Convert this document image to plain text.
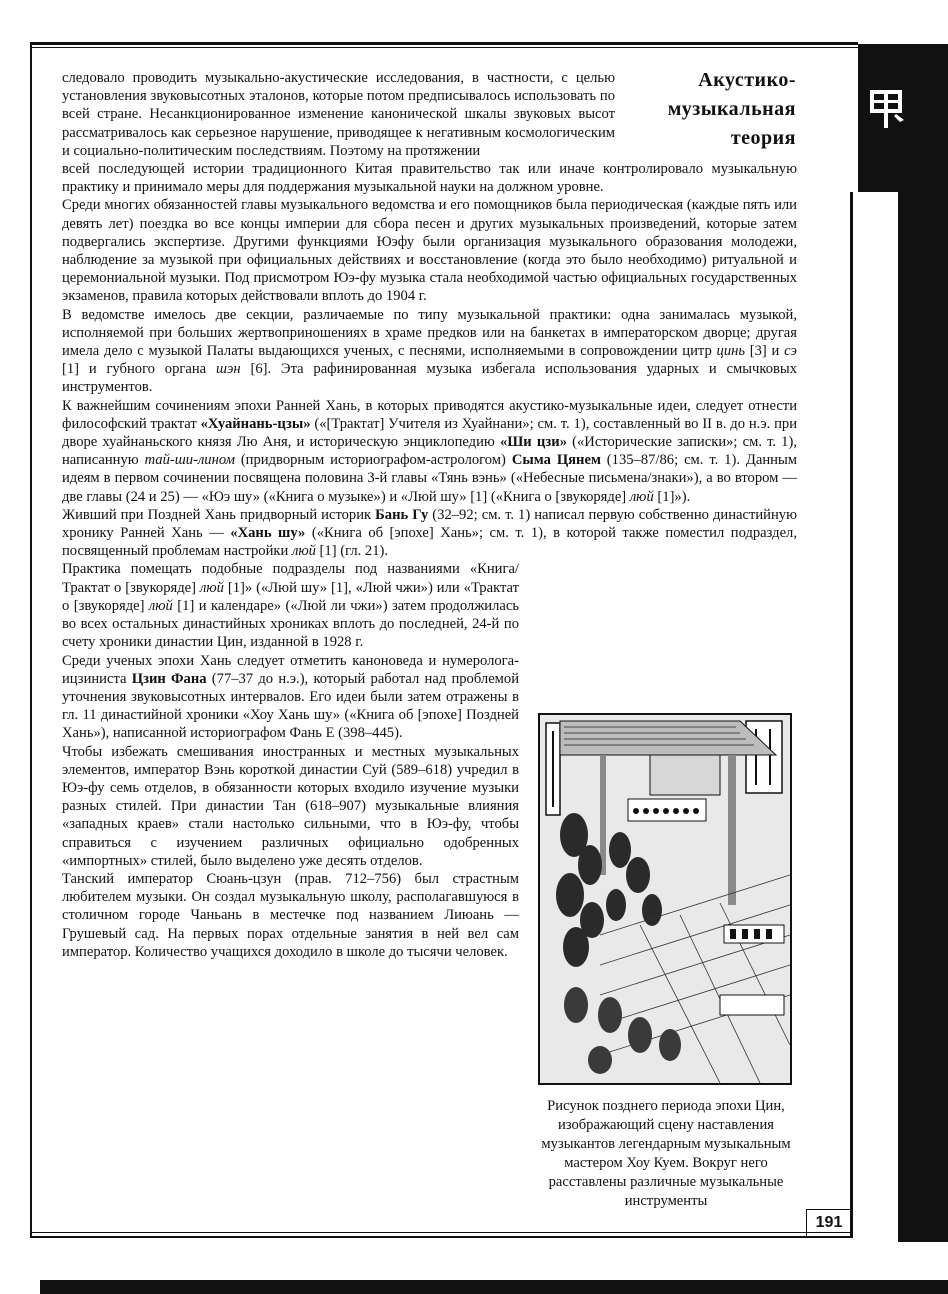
Акустико-
музыкальная
теория

следовало проводить музыкально-акустические исследования, в частности, с целью установления звуковысотных эталонов, которые потом предписывалось использовать по всей стране. Несанкционированное изменение канонической шкалы звуковых высот рассматривалось как серьезное нарушение, приводящее к негативным космологическим и социально-политическим последствиям. Поэтому на протяжении

всей последующей истории традиционного Китая правительство так или иначе контролировало музыкальную практику и принимало меры для поддержания музыкальной науки на должном уровне.

Среди многих обязанностей главы музыкального ведомства и его помощников была периодическая (каждые пять или девять лет) поездка во все концы империи для сбора песен и других музыкальных произведений, которые затем подвергались экспертизе. Другими функциями Юэфу были организация музыкального образования молодежи, наблюдение за музыкой при официальных действиях и восстановление (когда это было необходимо) ритуальной и церемониальной музыки. Под присмотром Юэ-фу музыка стала необходимой частью официальных государственных экзаменов, правила которых действовали вплоть до 1904 г.

В ведомстве имелось две секции, различаемые по типу музыкальной практики: одна занималась музыкой, исполняемой при больших жертвоприношениях в храме предков или на банкетах в императорском дворце; другая имела дело с музыкой Палаты выдающихся ученых, с песнями, исполняемыми в сопровождении цитр цинь [3] и сэ [1] и губного органа шэн [6]. Эта рафинированная музыка избегала использования ударных и смычковых инструментов.

К важнейшим сочинениям эпохи Ранней Хань, в которых приводятся акустико-музыкальные идеи, следует отнести философский трактат «Хуайнань-цзы» («[Трактат] Учителя из Хуайнани»; см. т. 1), составленный во II в. до н.э. при дворе хуайнаньского князя Лю Аня, и историческую энциклопедию «Ши цзи» («Исторические записки»; см. т. 1), написанную тай-ши-лином (придворным историографом-астрологом) Сыма Цянем (135–87/86; см. т. 1). Данным идеям в первом сочинении посвящена половина 3-й главы «Тянь вэнь» («Небесные письмена/знаки»), а во втором — две главы (24 и 25) — «Юэ шу» («Книга о музыке») и «Люй шу» [1] («Книга о [звукоряде] люй [1]»).

Живший при Поздней Хань придворный историк Бань Гу (32–92; см. т. 1) написал первую собственно династийную хронику Ранней Хань — «Хань шу» («Книга об [эпохе] Хань»; см. т. 1), в которой также поместил подраздел, посвященный проблемам настройки люй [1] (гл. 21).

Практика помещать подобные подразделы под названиями «Книга/Трактат о [звукоряде] люй [1]» («Люй шу» [1], «Люй чжи») или «Трактат о [звукоряде] люй [1] и календаре» («Люй ли чжи») затем продолжилась во всех остальных династийных хрониках вплоть до последней, 24-й по счету хроники династии Цин, изданной в 1928 г.

Среди ученых эпохи Хань следует отметить каноноведа и нумеролога-ицзиниста Цзин Фана (77–37 до н.э.), который работал над проблемой уточнения звуковысотных интервалов. Его идеи были затем отражены в гл. 11 династийной хроники «Хоу Хань шу» («Книга об [эпохе] Поздней Хань»), написанной историографом Фань Е (398–445).

Чтобы избежать смешивания иностранных и местных музыкальных элементов, император Вэнь короткой династии Суй (589–618) учредил в Юэ-фу семь отделов, в обязанности которых входило изучение музыки разных стилей. При династии Тан (618–907) музыкальные влияния «западных краев» стали настолько сильными, что в Юэ-фу, чтобы справиться с изучением различных официально одобренных «импортных» стилей, было выделено уже десять отделов.

Танский император Сюань-цзун (прав. 712–756) был страстным любителем музыки. Он создал музыкальную школу, располагавшуюся в столичном городе Чаньань в местечке под названием Лиюань — Грушевый сад. На первых порах отдельные занятия в ней вел сам император. Количество учащихся доходило в школе до тысячи человек.

Рисунок позднего периода эпохи Цин, изображающий сцену наставления музыкантов легендарным музыкальным мастером Хоу Куем. Вокруг него расставлены различные музыкальные инструменты
191
